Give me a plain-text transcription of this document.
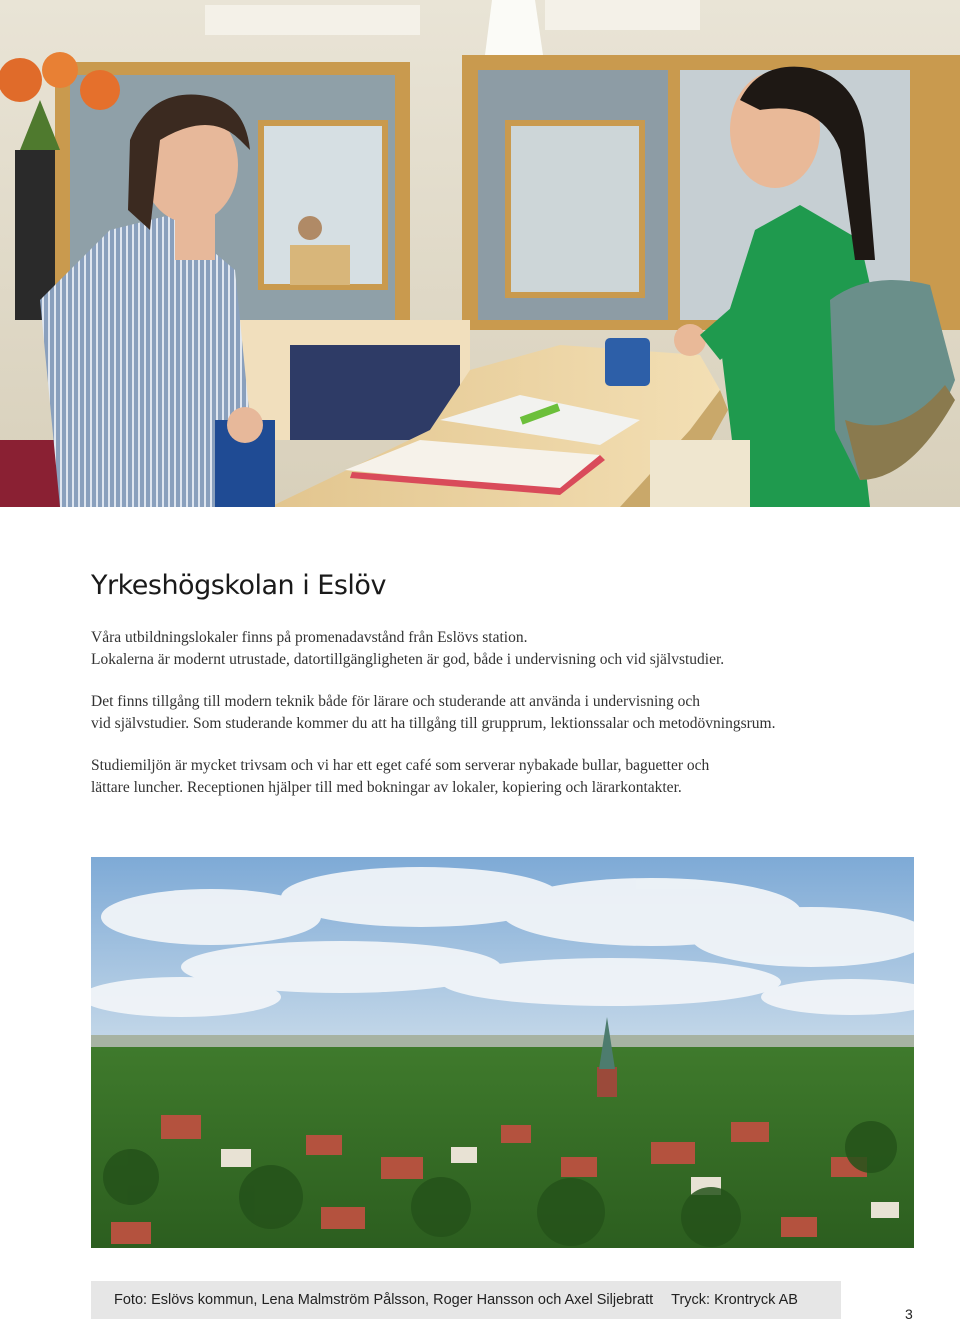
Yrkeshögskolan i Eslöv

Våra utbildningslokaler finns på promenadavstånd från Eslövs station.
Lokalerna är modernt utrustade, datortillgängligheten är god, både i undervisning och vid självstudier.

Det finns tillgång till modern teknik både för lärare och studerande att använda i undervisning och
vid självstudier. Som studerande kommer du att ha tillgång till grupprum, lektionssalar och metodövningsrum.

Studiemiljön är mycket trivsam och vi har ett eget café som serverar nybakade bullar, baguetter och
lättare luncher. Receptionen hjälper till med bokningar av lokaler, kopiering och lärarkontakter.

Foto: Eslövs kommun, Lena Malmström Pålsson, Roger Hansson och Axel Siljebratt Tryck: Krontryck AB
3
